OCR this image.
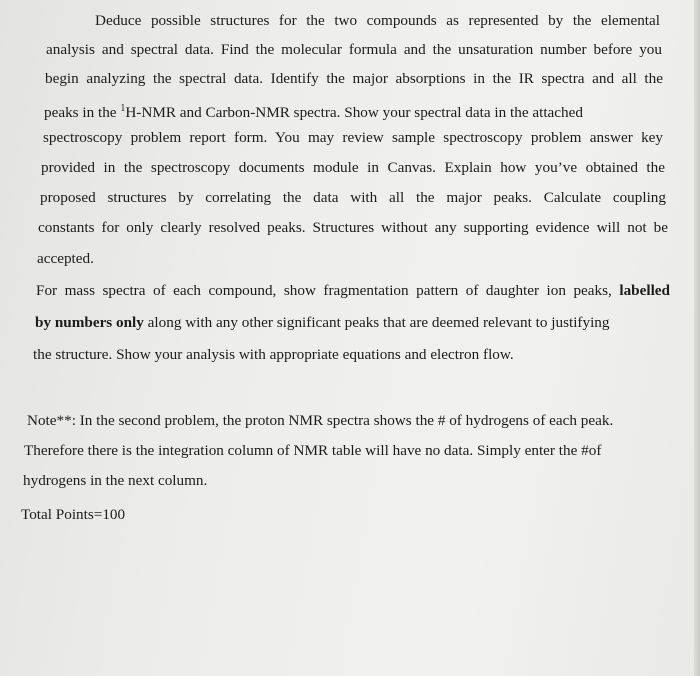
Deduce possible structures for the two compounds as represented by the elemental
analysis and spectral data. Find the molecular formula and the unsaturation number before you
begin analyzing the spectral data. Identify the major absorptions in the IR spectra and all the
peaks in the $^1$H-NMR and Carbon-NMR spectra. Show your spectral data in the attached
spectroscopy problem report form. You may review sample spectroscopy problem answer key
provided in the spectroscopy documents module in Canvas. Explain how you’ve obtained the
proposed structures by correlating the data with all the major peaks. Calculate coupling
constants for only clearly resolved peaks. Structures without any supporting evidence will not be
accepted.
For mass spectra of each compound, show fragmentation pattern of daughter ion peaks, labelled
by numbers only along with any other significant peaks that are deemed relevant to justifying
the structure. Show your analysis with appropriate equations and electron flow.
Note**: In the second problem, the proton NMR spectra shows the # of hydrogens of each peak.
Therefore there is the integration column of NMR table will have no data. Simply enter the #of
hydrogens in the next column.
Total Points=100
